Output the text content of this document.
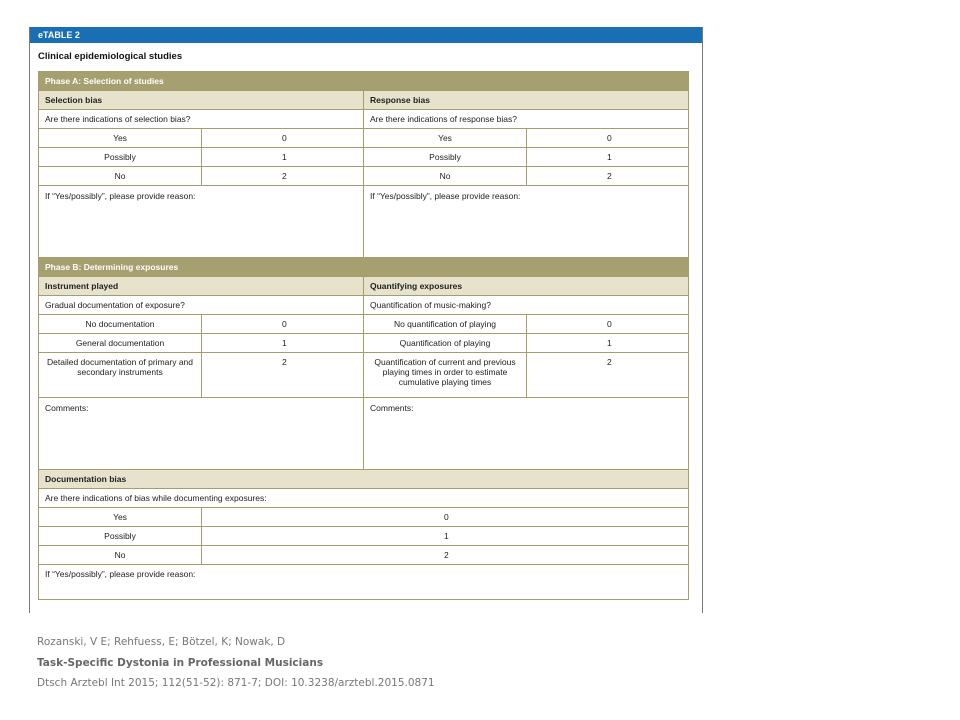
eTABLE 2
Clinical epidemiological studies
Phase A: Selection of studies			
Selection bias		Response bias	
Are there indications of selection bias?		Are there indications of response bias?	
Yes	0	Yes	0
Possibly	1	Possibly	1
No	2	No	2
If “Yes/possibly”, please provide reason:		If “Yes/possibly”, please provide reason:	
Phase B: Determining exposures			
Instrument played		Quantifying exposures	
Gradual documentation of exposure?		Quantification of music-making?	
No documentation	0	No quantification of playing	0
General documentation	1	Quantification of playing	1
Detailed documentation of primary and secondary instruments	2	Quantification of current and previous playing times in order to estimate cumulative playing times	2
Comments:		Comments:	
Documentation bias			
Are there indications of bias while documenting exposures:			
Yes	0		
Possibly	1		
No	2		
If “Yes/possibly”, please provide reason:			
Rozanski, V E; Rehfuess, E; Bötzel, K; Nowak, D
Task-Specific Dystonia in Professional Musicians
Dtsch Arztebl Int 2015; 112(51-52): 871-7; DOI: 10.3238/arztebl.2015.0871
